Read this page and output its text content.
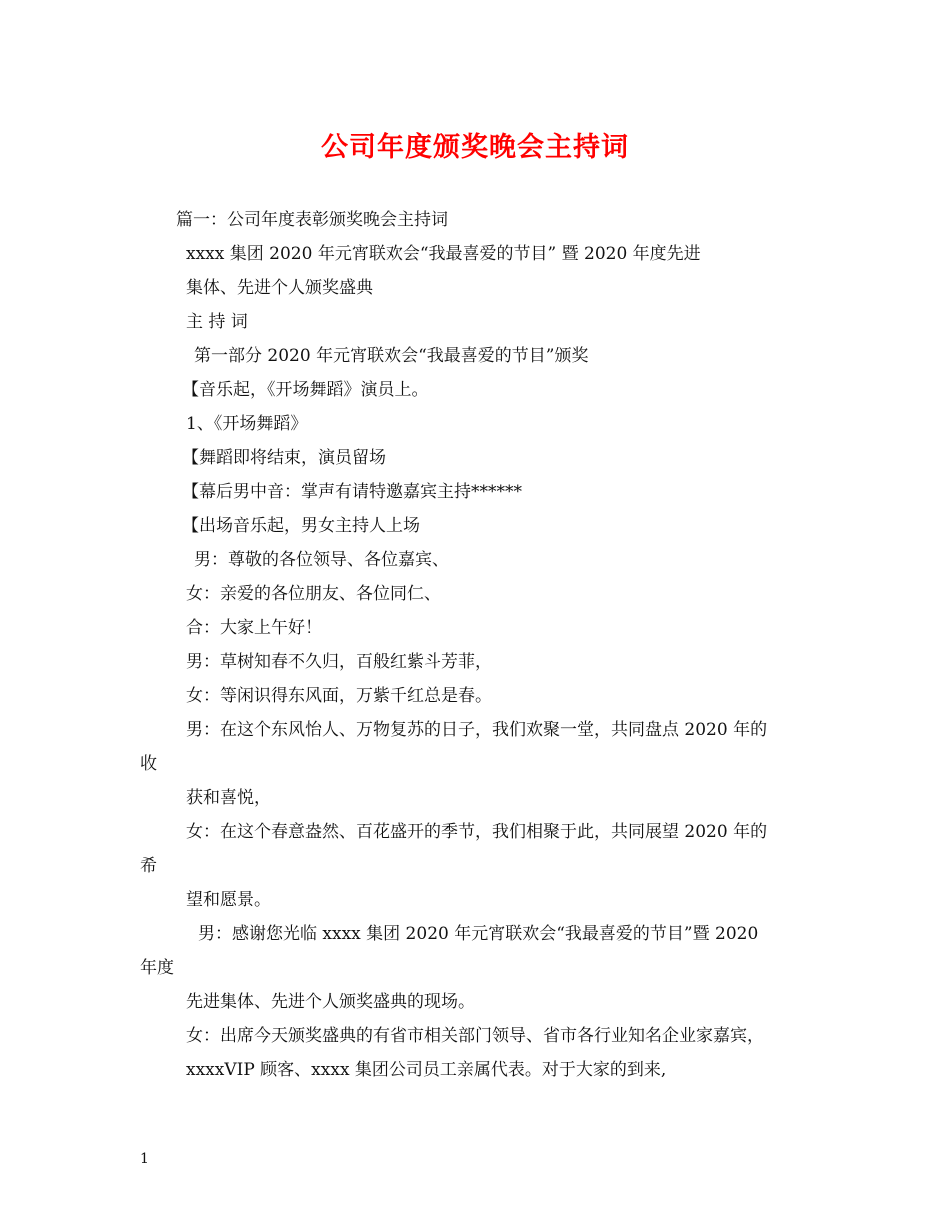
公司年度颁奖晚会主持词
篇一：公司年度表彰颁奖晚会主持词
xxxx 集团 2020 年元宵联欢会“我最喜爱的节目” 暨 2020 年度先进
集体、先进个人颁奖盛典
主 持 词
第一部分 2020 年元宵联欢会“我最喜爱的节目”颁奖
【音乐起，《开场舞蹈》演员上。
1、《开场舞蹈》
【舞蹈即将结束，演员留场
【幕后男中音：掌声有请特邀嘉宾主持******
【出场音乐起，男女主持人上场
男：尊敬的各位领导、各位嘉宾、
女：亲爱的各位朋友、各位同仁、
合：大家上午好！
男：草树知春不久归，百般红紫斗芳菲，
女：等闲识得东风面，万紫千红总是春。
男：在这个东风怡人、万物复苏的日子，我们欢聚一堂，共同盘点 2020 年的
收
获和喜悦，
女：在这个春意盎然、百花盛开的季节，我们相聚于此，共同展望 2020 年的
希
望和愿景。
男：感谢您光临 xxxx 集团 2020 年元宵联欢会“我最喜爱的节目”暨 2020
年度
先进集体、先进个人颁奖盛典的现场。
女：出席今天颁奖盛典的有省市相关部门领导、省市各行业知名企业家嘉宾，
xxxxVIP 顾客、xxxx 集团公司员工亲属代表。对于大家的到来,
1
